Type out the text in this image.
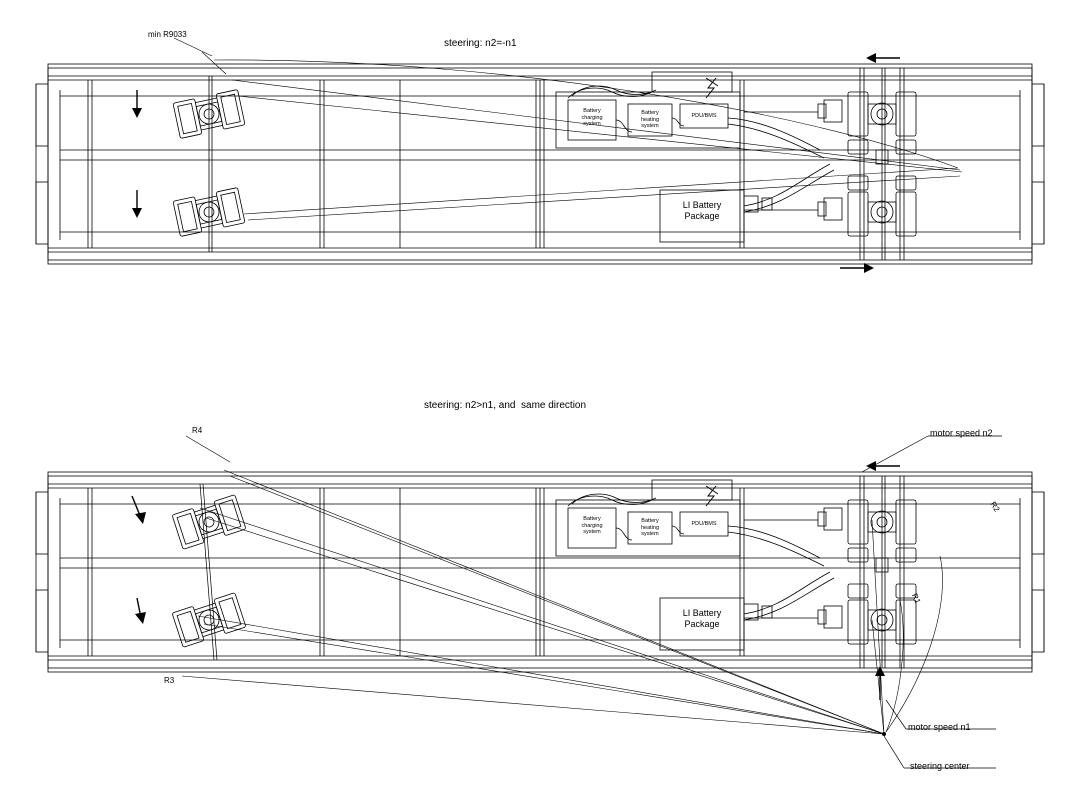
steering: n2=-n1
min R9033
Battery
charging
system
Battery
heating
system
PDU/BMS
LI Battery
Package
steering: n2>n1, and  same direction
R4
R3
R2
R1
Battery
charging
system
Battery
heating
system
PDU/BMS
LI Battery
Package
motor speed n2
motor speed n1
steering center
